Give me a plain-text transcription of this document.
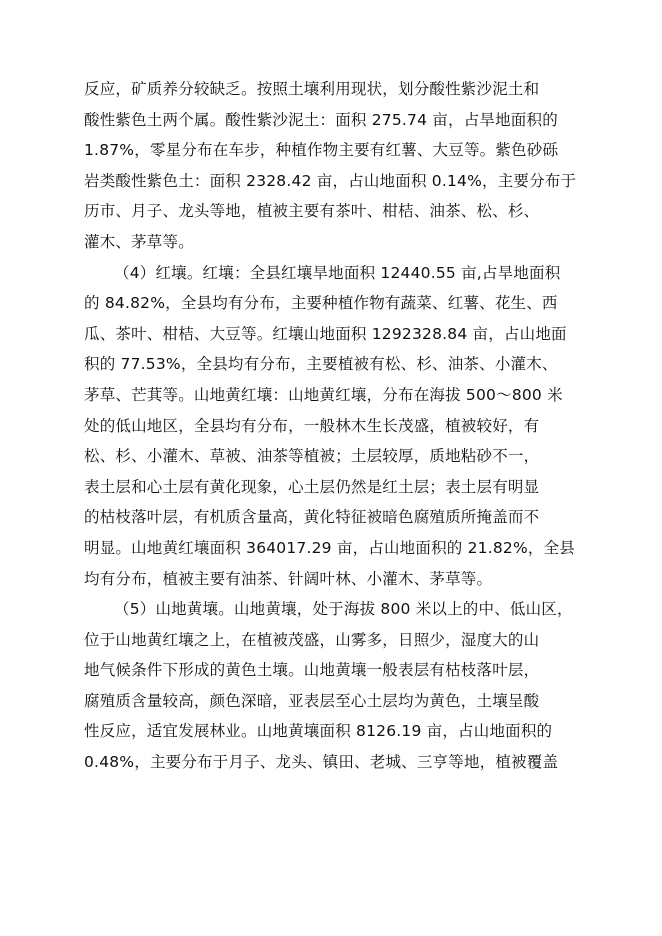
反应，矿质养分较缺乏。按照土壤利用现状，划分酸性紫沙泥土和
酸性紫色土两个属。酸性紫沙泥土：面积 275.74 亩，占旱地面积的
1.87%，零星分布在车步，种植作物主要有红薯、大豆等。紫色砂砾
岩类酸性紫色土：面积 2328.42 亩，占山地面积 0.14%，主要分布于
历市、月子、龙头等地，植被主要有茶叶、柑桔、油茶、松、杉、
灌木、茅草等。
（4）红壤。红壤：全县红壤旱地面积 12440.55 亩,占旱地面积
的 84.82%，全县均有分布，主要种植作物有蔬菜、红薯、花生、西
瓜、茶叶、柑桔、大豆等。红壤山地面积 1292328.84 亩，占山地面
积的 77.53%，全县均有分布，主要植被有松、杉、油茶、小灌木、
茅草、芒萁等。山地黄红壤：山地黄红壤，分布在海拔 500～800 米
处的低山地区，全县均有分布，一般林木生长茂盛，植被较好，有
松、杉、小灌木、草被、油茶等植被；土层较厚，质地粘砂不一，
表土层和心土层有黄化现象，心土层仍然是红土层；表土层有明显
的枯枝落叶层，有机质含量高，黄化特征被暗色腐殖质所掩盖而不
明显。山地黄红壤面积 364017.29 亩，占山地面积的 21.82%，全县
均有分布，植被主要有油茶、针阔叶林、小灌木、茅草等。
（5）山地黄壤。山地黄壤，处于海拔 800 米以上的中、低山区，
位于山地黄红壤之上，在植被茂盛，山雾多，日照少，湿度大的山
地气候条件下形成的黄色土壤。山地黄壤一般表层有枯枝落叶层，
腐殖质含量较高，颜色深暗，亚表层至心土层均为黄色，土壤呈酸
性反应，适宜发展林业。山地黄壤面积 8126.19 亩，占山地面积的
0.48%，主要分布于月子、龙头、镇田、老城、三亨等地，植被覆盖
